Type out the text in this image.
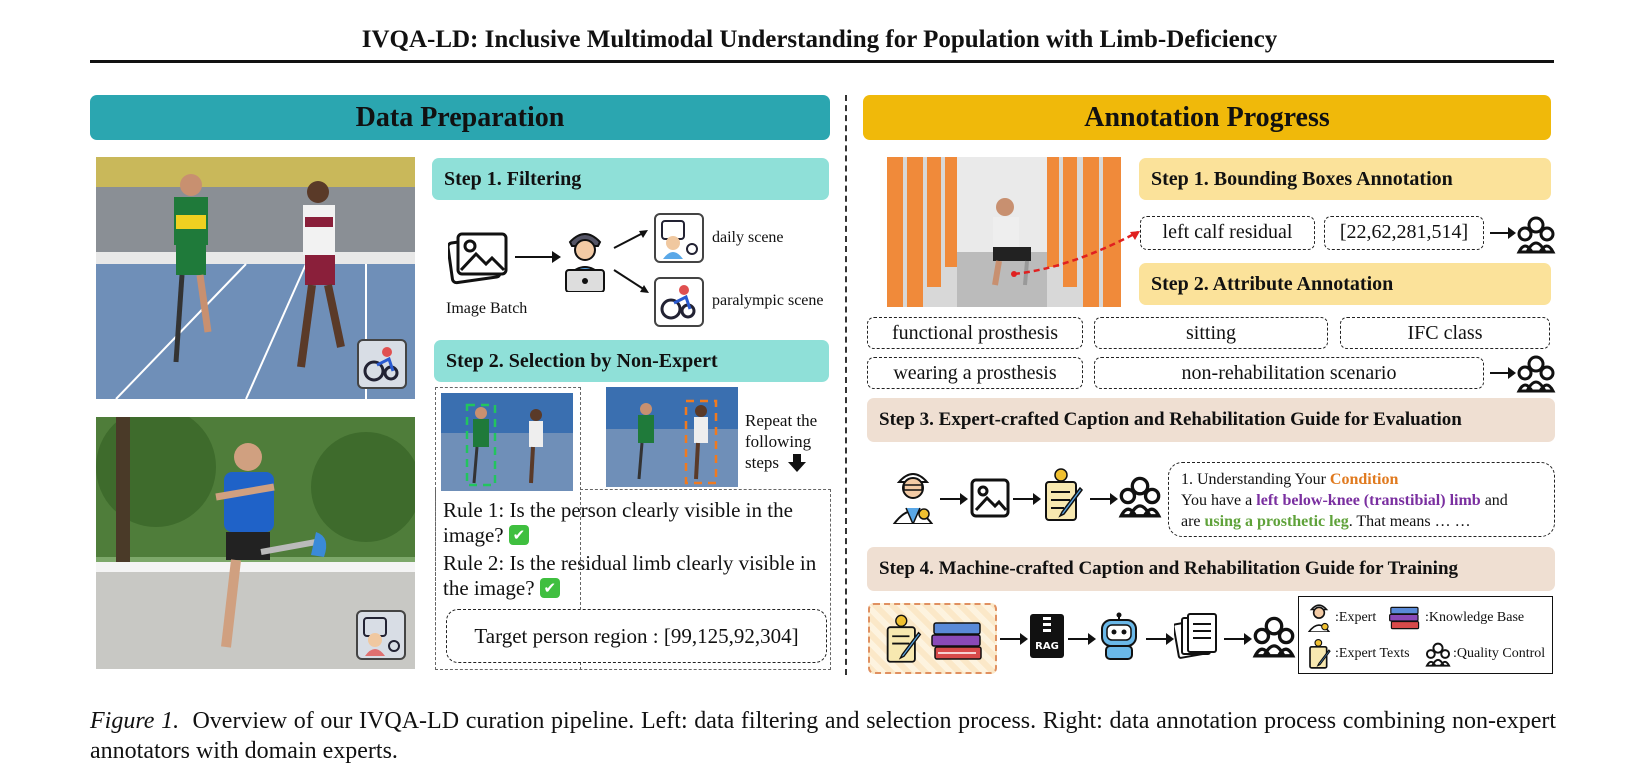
IVQA-LD: Inclusive Multimodal Understanding for Population with Limb-Deficiency
Data Preparation
Step 1. Filtering
Image Batch
daily scene
paralympic scene
Step 2. Selection by Non-Expert
Repeat the following steps
Rule 1: Is the person clearly visible in the image? ✔
Rule 2: Is the residual limb clearly visible in the image? ✔
Target person region : [99,125,92,304]
Annotation Progress
Step 1. Bounding Boxes Annotation
left calf residual	[22,62,281,514]
Step 2. Attribute Annotation
functional prosthesis	sitting	IFC class
wearing a prosthesis	non-rehabilitation scenario
Step 3. Expert-crafted Caption and Rehabilitation Guide for Evaluation
1. Understanding Your Condition
You have a left below-knee (transtibial) limb and
are using a prosthetic leg. That means … …
Step 4. Machine-crafted Caption and Rehabilitation Guide for Training
RAG
:Expert	:Knowledge Base
:Expert Texts	:Quality Control
Figure 1. Overview of our IVQA-LD curation pipeline. Left: data filtering and selection process. Right: data annotation process combining non-expert annotators with domain experts.
